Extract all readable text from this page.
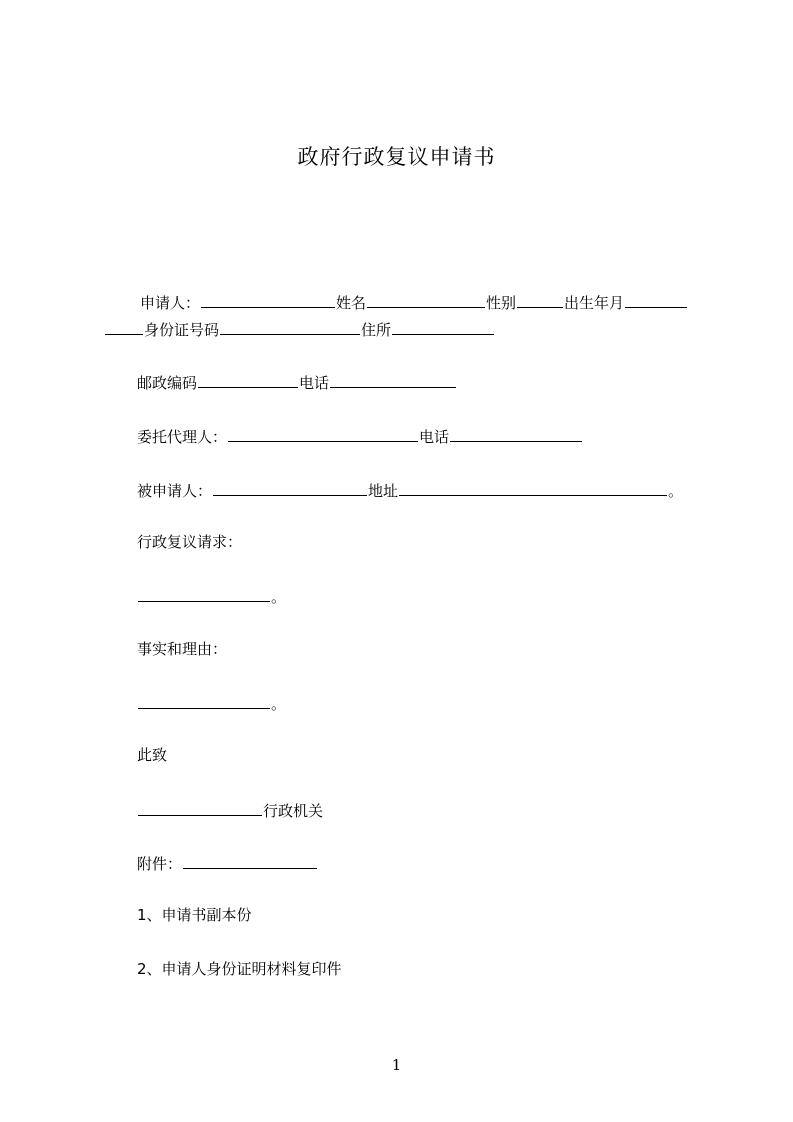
政府行政复议申请书
申请人：	姓名	性别	出生年月
身份证号码	住所
邮政编码	电话
委托代理人：	电话
被申请人：	地址	。
行政复议请求：
。
事实和理由：
。
此致
行政机关
附件：
1、申请书副本份
2、申请人身份证明材料复印件
1
